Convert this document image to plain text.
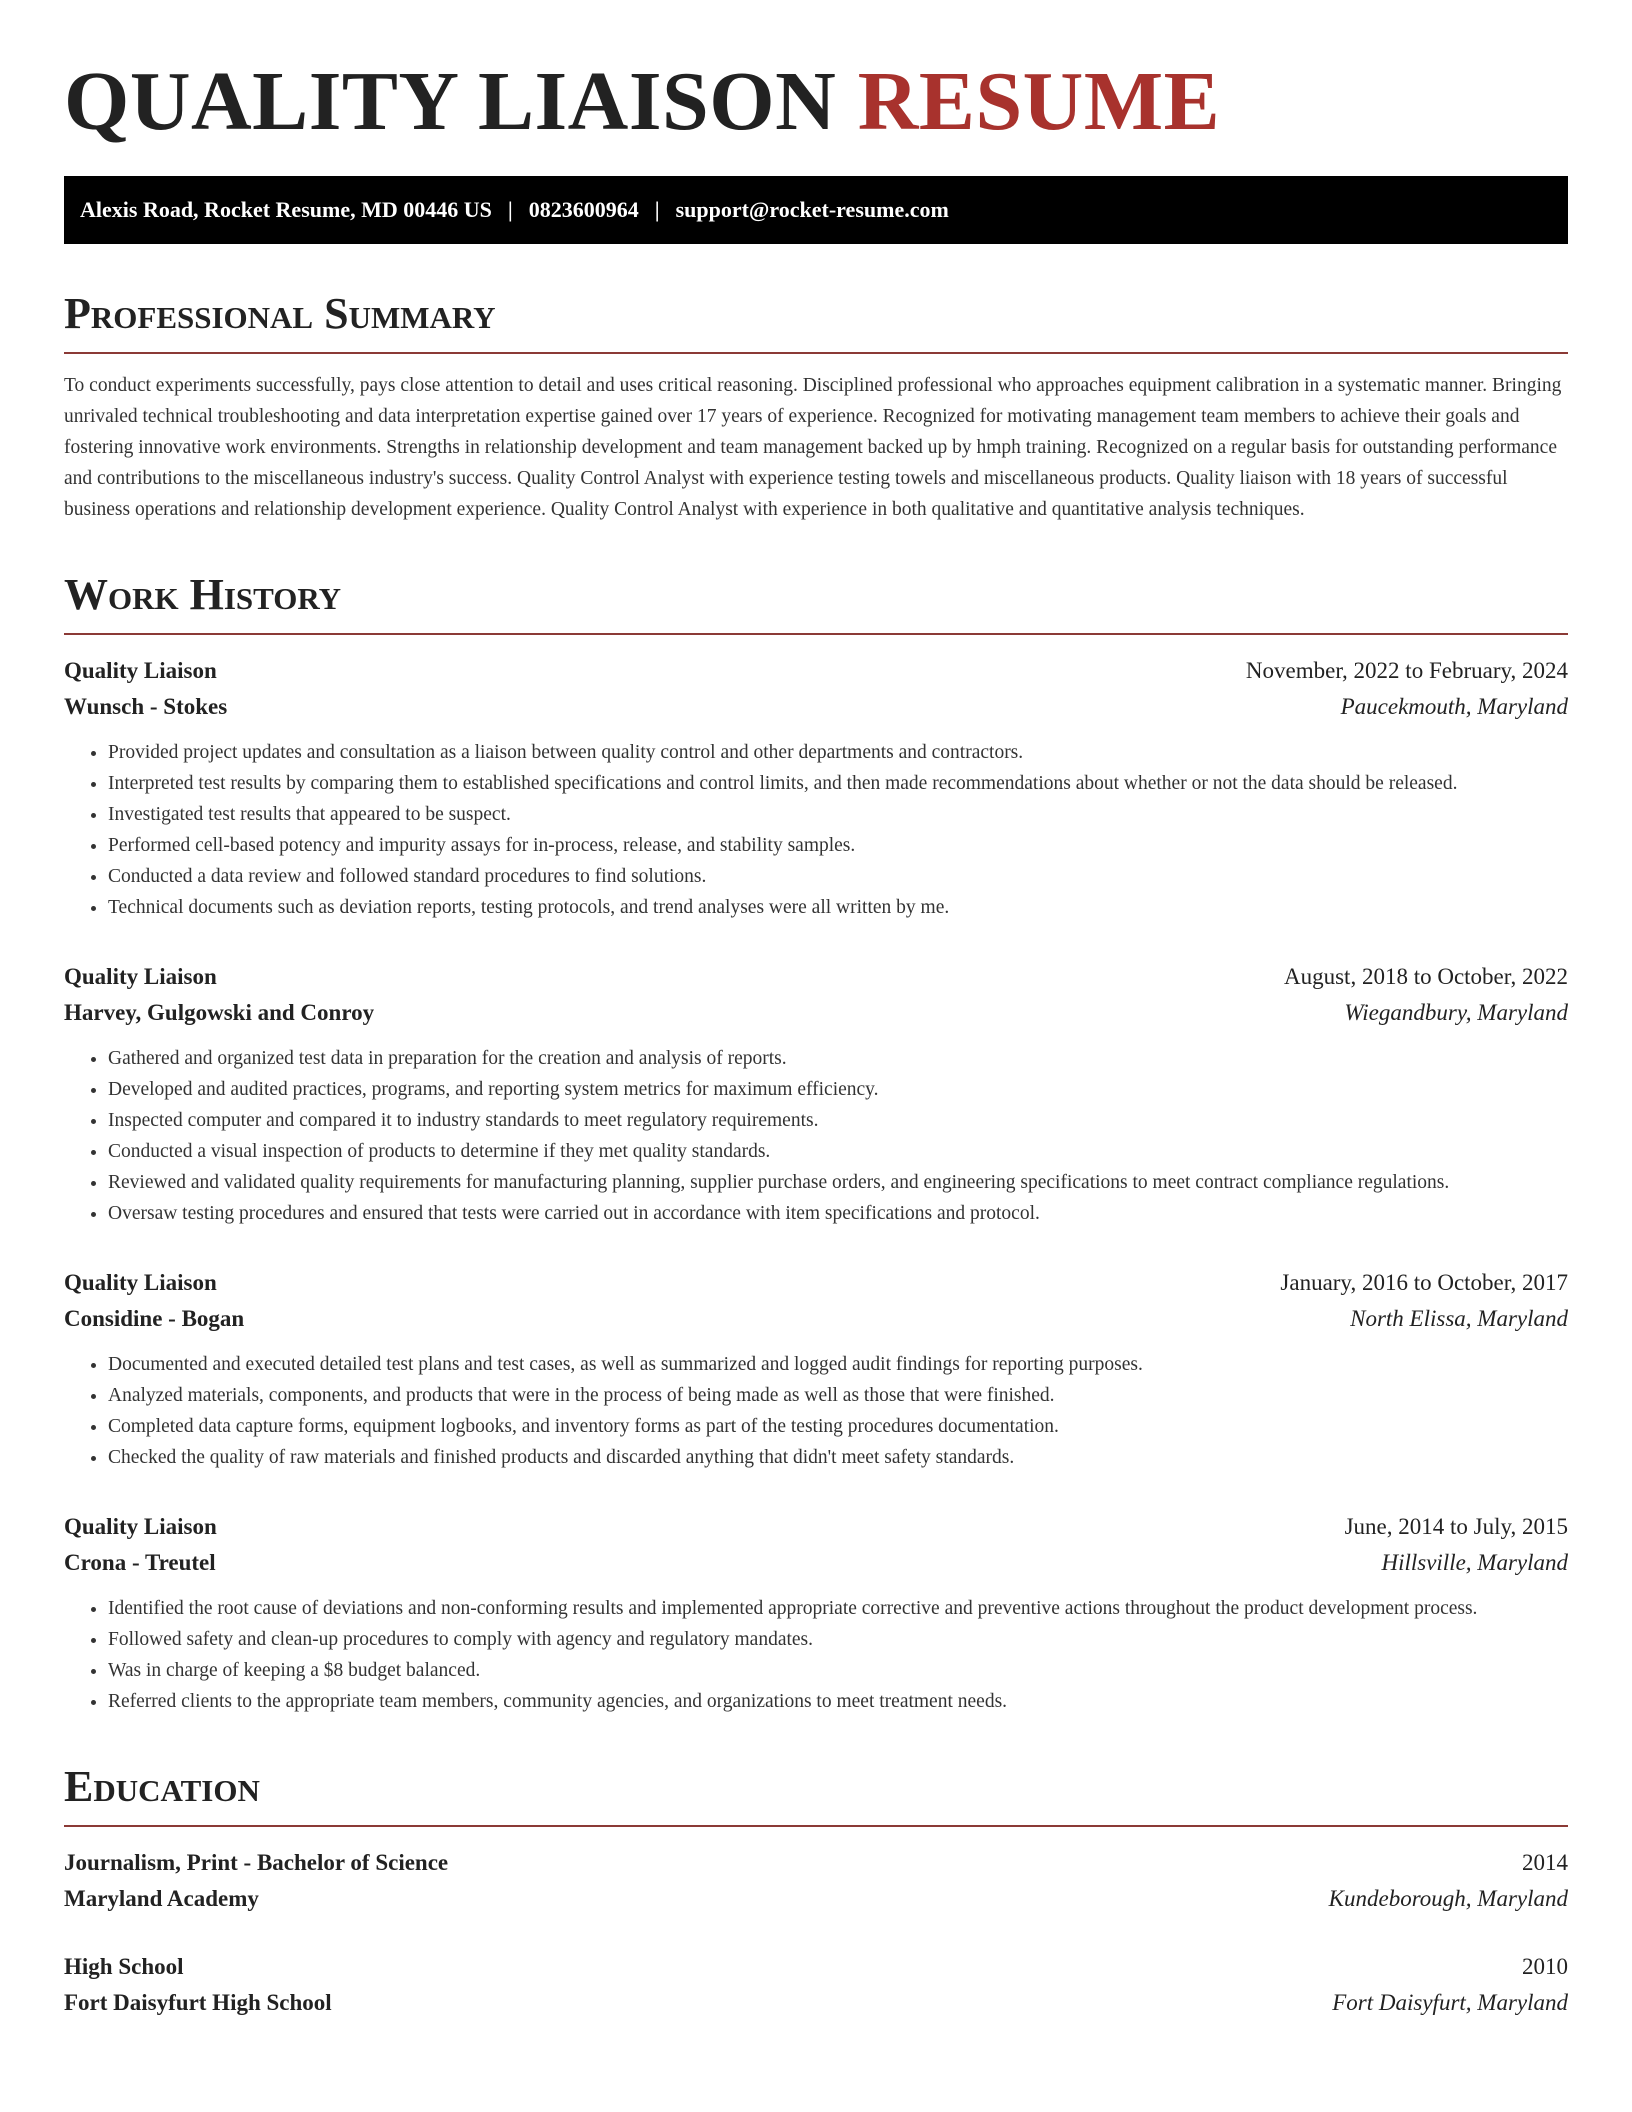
QUALITY LIAISON RESUME
Alexis Road, Rocket Resume, MD 00446 US | 0823600964 | support@rocket-resume.com
Professional Summary

To conduct experiments successfully, pays close attention to detail and uses critical reasoning. Disciplined professional who approaches equipment calibration in a systematic manner. Bringing unrivaled technical troubleshooting and data interpretation expertise gained over 17 years of experience. Recognized for motivating management team members to achieve their goals and fostering innovative work environments. Strengths in relationship development and team management backed up by hmph training. Recognized on a regular basis for outstanding performance and contributions to the miscellaneous industry's success. Quality Control Analyst with experience testing towels and miscellaneous products. Quality liaison with 18 years of successful business operations and relationship development experience. Quality Control Analyst with experience in both qualitative and quantitative analysis techniques.

Work History
Quality Liaison	November, 2022 to February, 2024
Wunsch - Stokes	Paucekmouth, Maryland
• Provided project updates and consultation as a liaison between quality control and other departments and contractors.
• Interpreted test results by comparing them to established specifications and control limits, and then made recommendations about whether or not the data should be released.
• Investigated test results that appeared to be suspect.
• Performed cell-based potency and impurity assays for in-process, release, and stability samples.
• Conducted a data review and followed standard procedures to find solutions.
• Technical documents such as deviation reports, testing protocols, and trend analyses were all written by me.
Quality Liaison	August, 2018 to October, 2022
Harvey, Gulgowski and Conroy	Wiegandbury, Maryland
• Gathered and organized test data in preparation for the creation and analysis of reports.
• Developed and audited practices, programs, and reporting system metrics for maximum efficiency.
• Inspected computer and compared it to industry standards to meet regulatory requirements.
• Conducted a visual inspection of products to determine if they met quality standards.
• Reviewed and validated quality requirements for manufacturing planning, supplier purchase orders, and engineering specifications to meet contract compliance regulations.
• Oversaw testing procedures and ensured that tests were carried out in accordance with item specifications and protocol.
Quality Liaison	January, 2016 to October, 2017
Considine - Bogan	North Elissa, Maryland
• Documented and executed detailed test plans and test cases, as well as summarized and logged audit findings for reporting purposes.
• Analyzed materials, components, and products that were in the process of being made as well as those that were finished.
• Completed data capture forms, equipment logbooks, and inventory forms as part of the testing procedures documentation.
• Checked the quality of raw materials and finished products and discarded anything that didn't meet safety standards.
Quality Liaison	June, 2014 to July, 2015
Crona - Treutel	Hillsville, Maryland
• Identified the root cause of deviations and non-conforming results and implemented appropriate corrective and preventive actions throughout the product development process.
• Followed safety and clean-up procedures to comply with agency and regulatory mandates.
• Was in charge of keeping a $8 budget balanced.
• Referred clients to the appropriate team members, community agencies, and organizations to meet treatment needs.
Education
Journalism, Print - Bachelor of Science	2014
Maryland Academy	Kundeborough, Maryland
High School	2010
Fort Daisyfurt High School	Fort Daisyfurt, Maryland
